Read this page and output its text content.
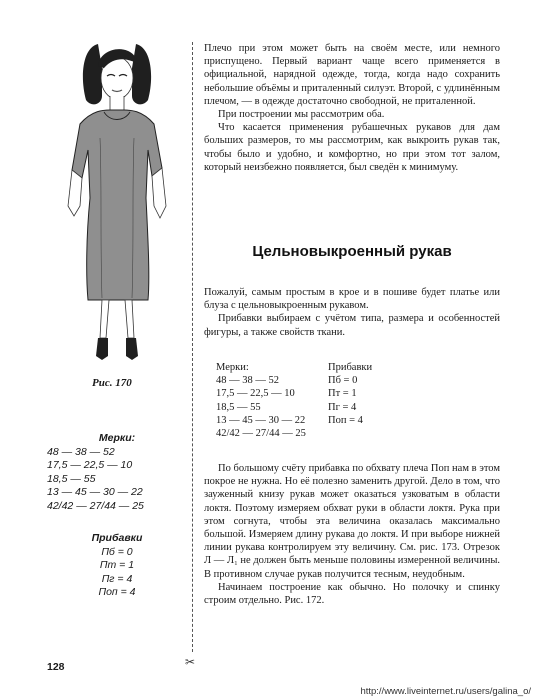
Рис. 170
Мерки:
48 — 38 — 52
17,5 — 22,5 — 10
18,5 — 55
13 — 45 — 30 — 22
42/42 — 27/44 — 25
Прибавки
Пб = 0
Пт = 1
Пг = 4
Поп = 4
✂

Плечо при этом может быть на своём месте, или немного приспущено. Первый вариант чаще всего применяется в официальной, нарядной одежде, тогда, когда надо сохранить небольшие объёмы и приталенный силуэт. Второй, с удлинённым плечом, — в одежде достаточно свободной, не приталенной.

При построении мы рассмотрим оба.

Что касается применения рубашечных рукавов для дам больших размеров, то мы рассмотрим, как выкроить рукав так, чтобы было и удобно, и комфортно, но при этом тот залом, который неизбежно появляется, был сведён к минимуму.

Цельновыкроенный рукав

Пожалуй, самым простым в крое и в пошиве будет платье или блуза с цельновыкроенным рукавом.

Прибавки выбираем с учётом типа, размера и особенностей фигуры, а также свойств ткани.

Мерки:
48 — 38 — 52
17,5 — 22,5 — 10
18,5 — 55
13 — 45 — 30 — 22
42/42 — 27/44 — 25
Прибавки
Пб = 0
Пт = 1
Пг = 4
Поп = 4

По большому счёту прибавка по обхвату плеча Поп нам в этом покрое не нужна. Но её полезно заменить другой. Дело в том, что зауженный книзу рукав может оказаться узковатым в области локтя. Поэтому измеряем обхват руки в области локтя. Рука при этом согнута, чтобы эта величина оказалась максимально большой. Измеряем длину рукава до локтя. И при выборе нижней линии рукава контролируем эту величину. См. рис. 173. Отрезок Л — Л₁ не должен быть меньше половины измеренной величины. В противном случае рукав получится тесным, неудобным.

Начинаем построение как обычно. Но полочку и спинку строим отдельно. Рис. 172.

128
http://www.liveinternet.ru/users/galina_o/
